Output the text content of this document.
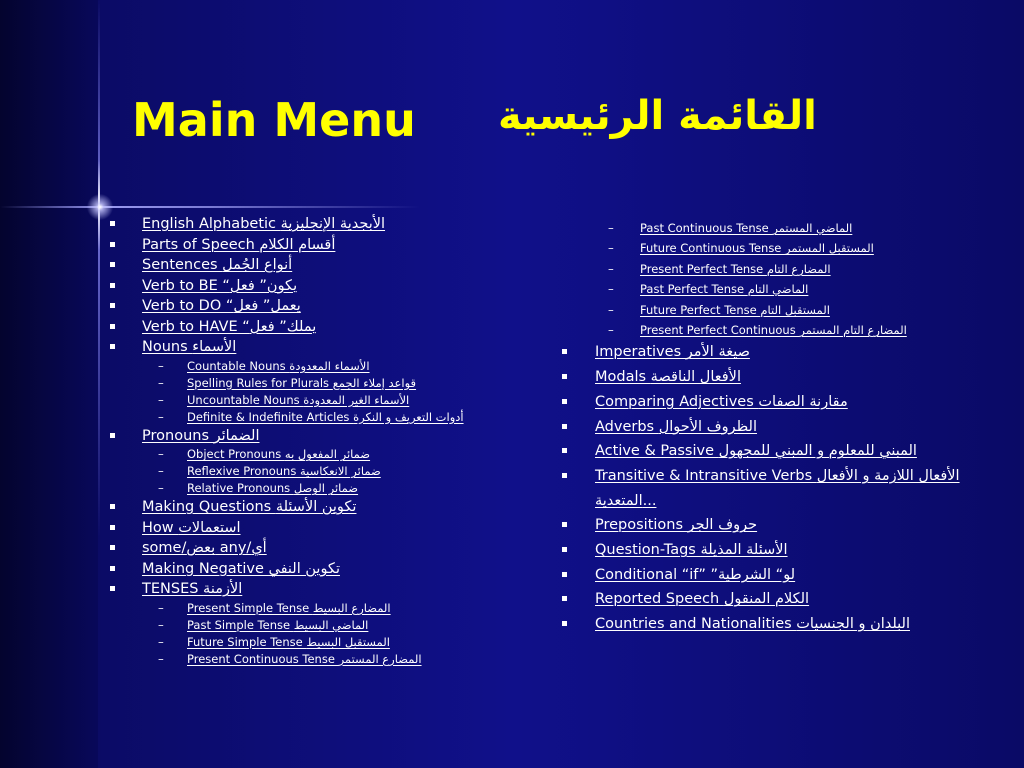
Main Menu القائمة الرئيسية
English Alphabetic الأبجدية الإنجليزية
Parts of Speech أقسام الكلام
Sentences أنواع الجُمل
Verb to BE “يكون” فعل
Verb to DO “يعمل” فعل
Verb to HAVE “يملك” فعل
Nouns الأسماء
– Countable Nouns الأسماء المعدودة
– Spelling Rules for Plurals قواعد إملاء الجمع
– Uncountable Nouns الأسماء الغير المعدودة
– Definite & Indefinite Articles أدوات التعريف و النكرة
Pronouns الضمائر
– Object Pronouns ضمائر المفعول به
– Reflexive Pronouns ضمائر الانعكاسية
– Relative Pronouns ضمائر الوصل
Making Questions تكوين الأسئلة
How استعمالات
some/بعض any/أي
Making Negative تكوين النفي
TENSES الأزمنة
– Present Simple Tense المضارع البسيط
– Past Simple Tense الماضي البسيط
– Future Simple Tense المستقبل البسيط
– Present Continuous Tense المضارع المستمر
– Past Continuous Tense الماضي المستمر
– Future Continuous Tense المستقبل المستمر
– Present Perfect Tense المضارع التام
– Past Perfect Tense الماضي التام
– Future Perfect Tense المستقبل التام
– Present Perfect Continuous المضارع التام المستمر
Imperatives صيغة الأمر
Modals الأفعال الناقصة
Comparing Adjectives مقارنة الصفات
Adverbs الظروف الأحوال
Active & Passive المبني للمعلوم و المبني للمجهول
Transitive & Intransitive Verbs الأفعال اللازمة و الأفعال المتعدية...
Prepositions حروف الجر
Question-Tags الأسئلة المذيلة
Conditional “if” ”لو“ الشرطية
Reported Speech الكلام المنقول
Countries and Nationalities البلدان و الجنسيات
